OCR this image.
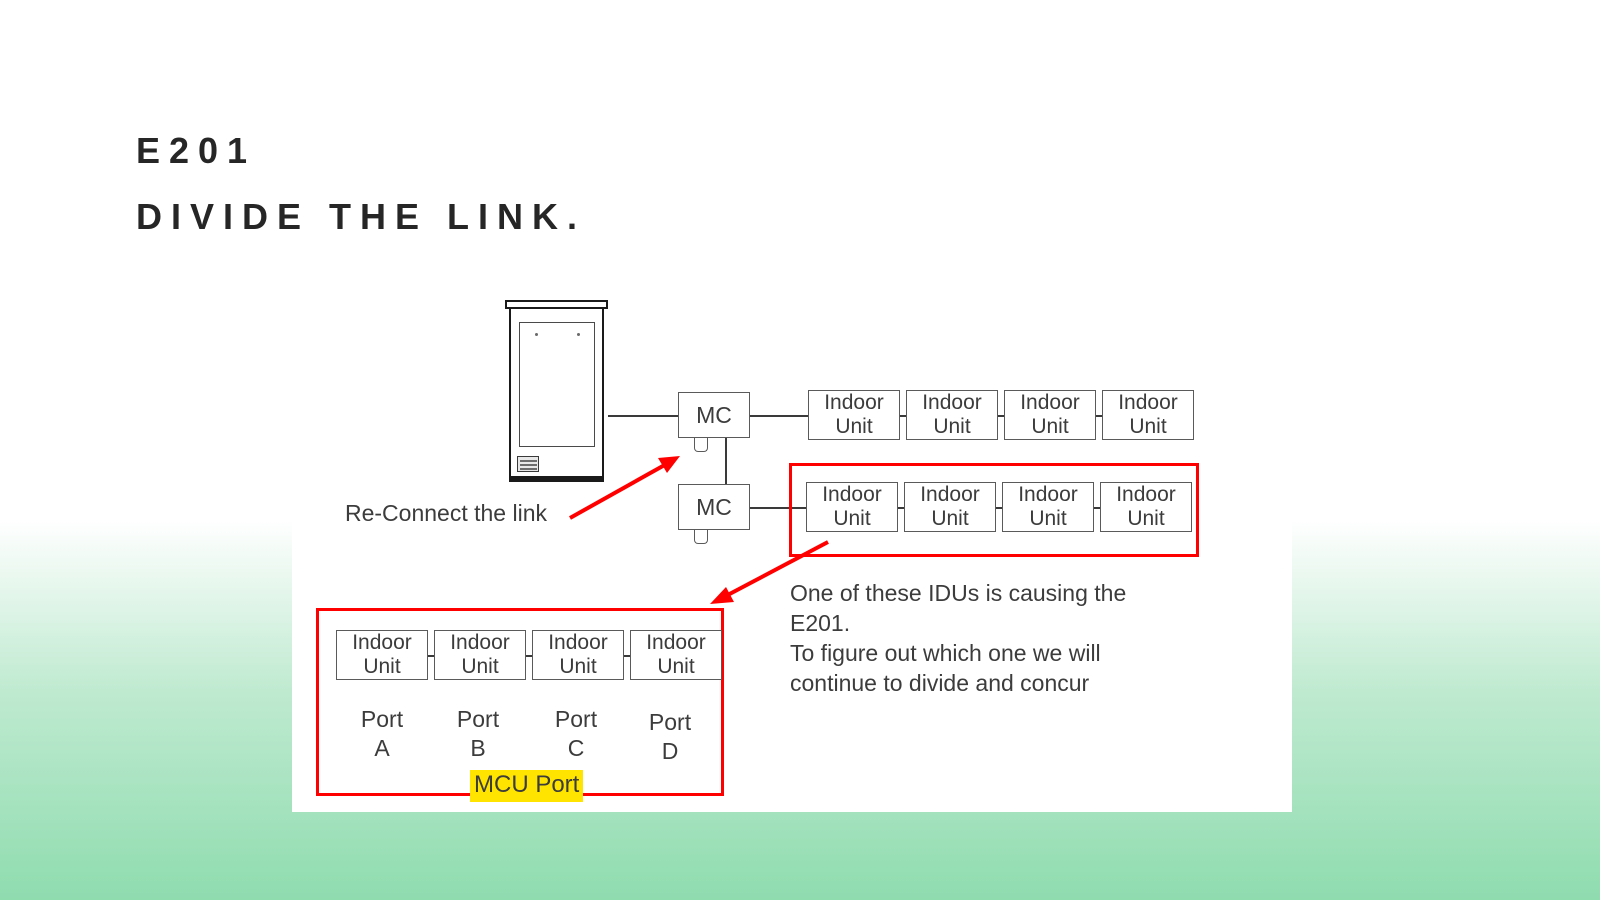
E201
DIVIDE THE LINK.
MC
MC
Indoor
Unit
Indoor
Unit
Indoor
Unit
Indoor
Unit
Indoor
Unit
Indoor
Unit
Indoor
Unit
Indoor
Unit
Re-Connect the link
One of these IDUs is causing the
E201.
To figure out which one we will
continue to divide and concur
Indoor
Unit
Indoor
Unit
Indoor
Unit
Indoor
Unit
Port
A
Port
B
Port
C
Port
D
MCU Port
